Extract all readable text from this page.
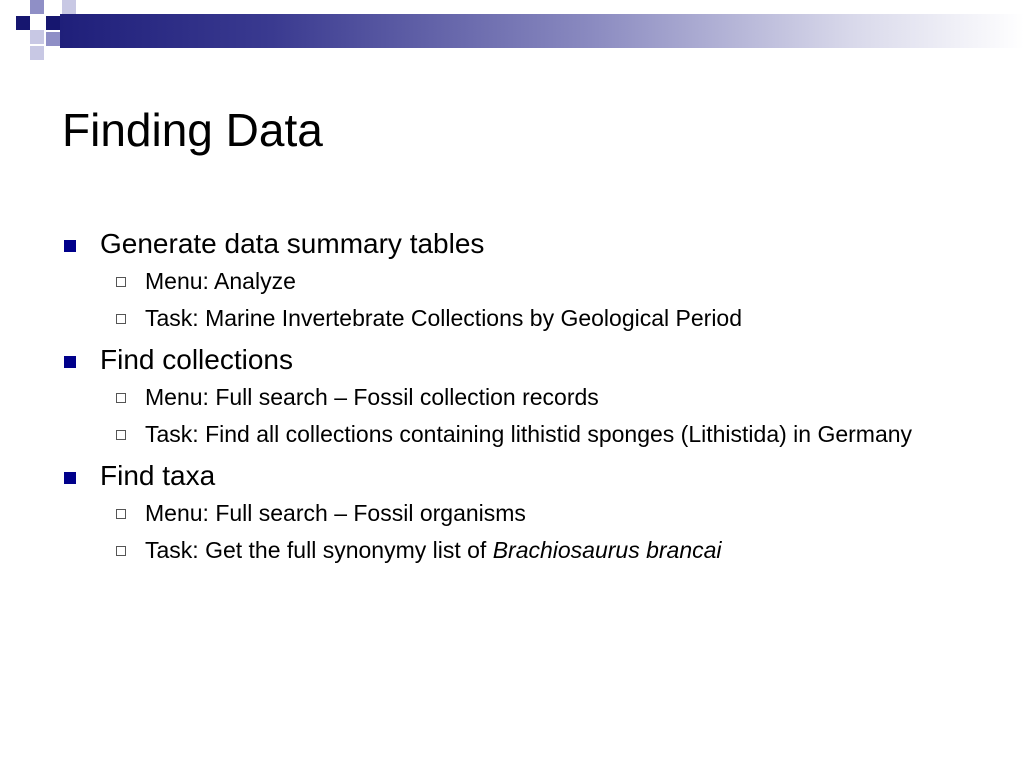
Finding Data
Generate data summary tables
Menu: Analyze
Task: Marine Invertebrate Collections by Geological Period
Find collections
Menu: Full search – Fossil collection records
Task: Find all collections containing lithistid sponges (Lithistida) in Germany
Find taxa
Menu: Full search – Fossil organisms
Task: Get the full synonymy list of Brachiosaurus brancai
